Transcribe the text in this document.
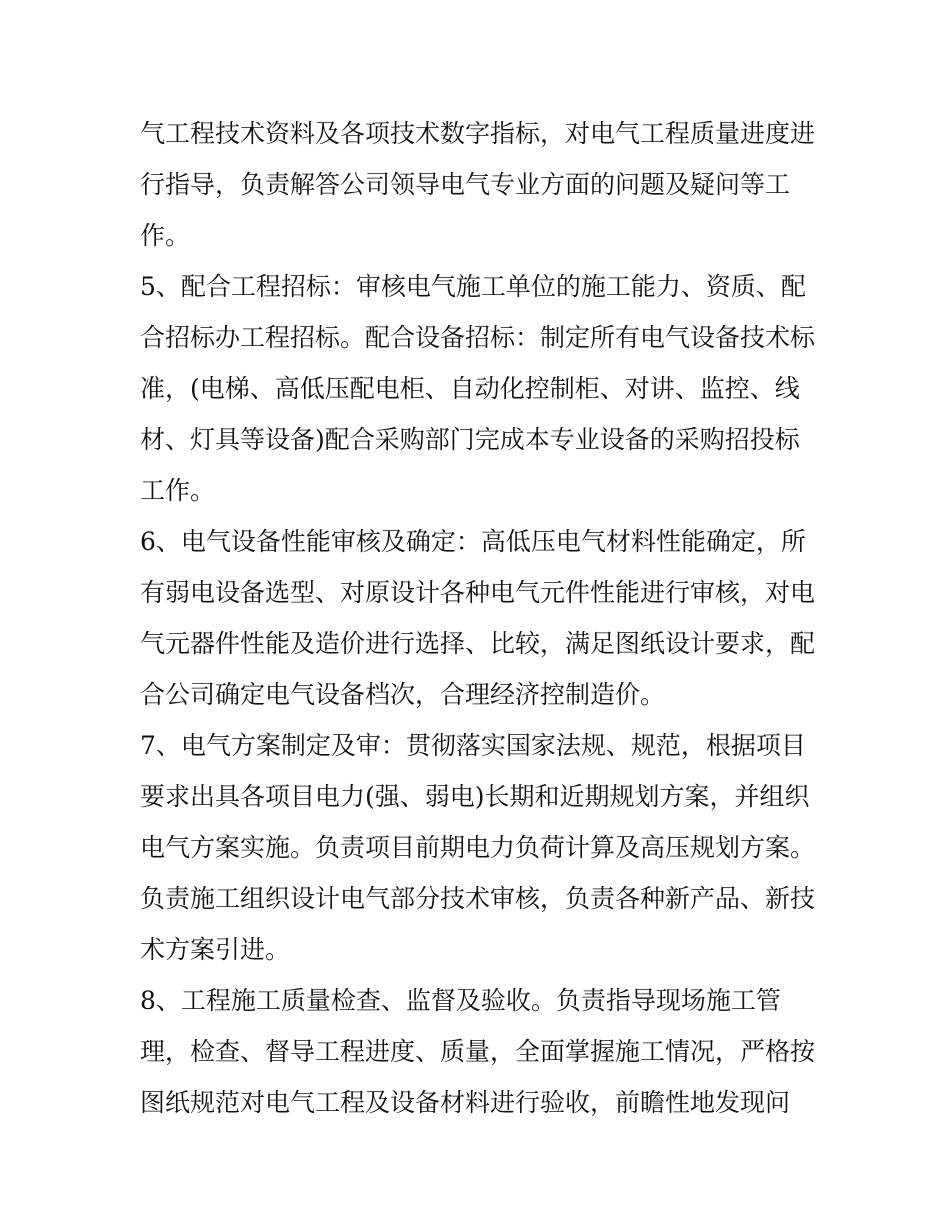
气工程技术资料及各项技术数字指标，对电气工程质量进度进
行指导，负责解答公司领导电气专业方面的问题及疑问等工
作。
5、配合工程招标：审核电气施工单位的施工能力、资质、配
合招标办工程招标。配合设备招标：制定所有电气设备技术标
准，(电梯、高低压配电柜、自动化控制柜、对讲、监控、线
材、灯具等设备)配合采购部门完成本专业设备的采购招投标
工作。
6、电气设备性能审核及确定：高低压电气材料性能确定，所
有弱电设备选型、对原设计各种电气元件性能进行审核，对电
气元器件性能及造价进行选择、比较，满足图纸设计要求，配
合公司确定电气设备档次，合理经济控制造价。
7、电气方案制定及审：贯彻落实国家法规、规范，根据项目
要求出具各项目电力(强、弱电)长期和近期规划方案，并组织
电气方案实施。负责项目前期电力负荷计算及高压规划方案。
负责施工组织设计电气部分技术审核，负责各种新产品、新技
术方案引进。
8、工程施工质量检查、监督及验收。负责指导现场施工管
理，检查、督导工程进度、质量，全面掌握施工情况，严格按
图纸规范对电气工程及设备材料进行验收，前瞻性地发现问
